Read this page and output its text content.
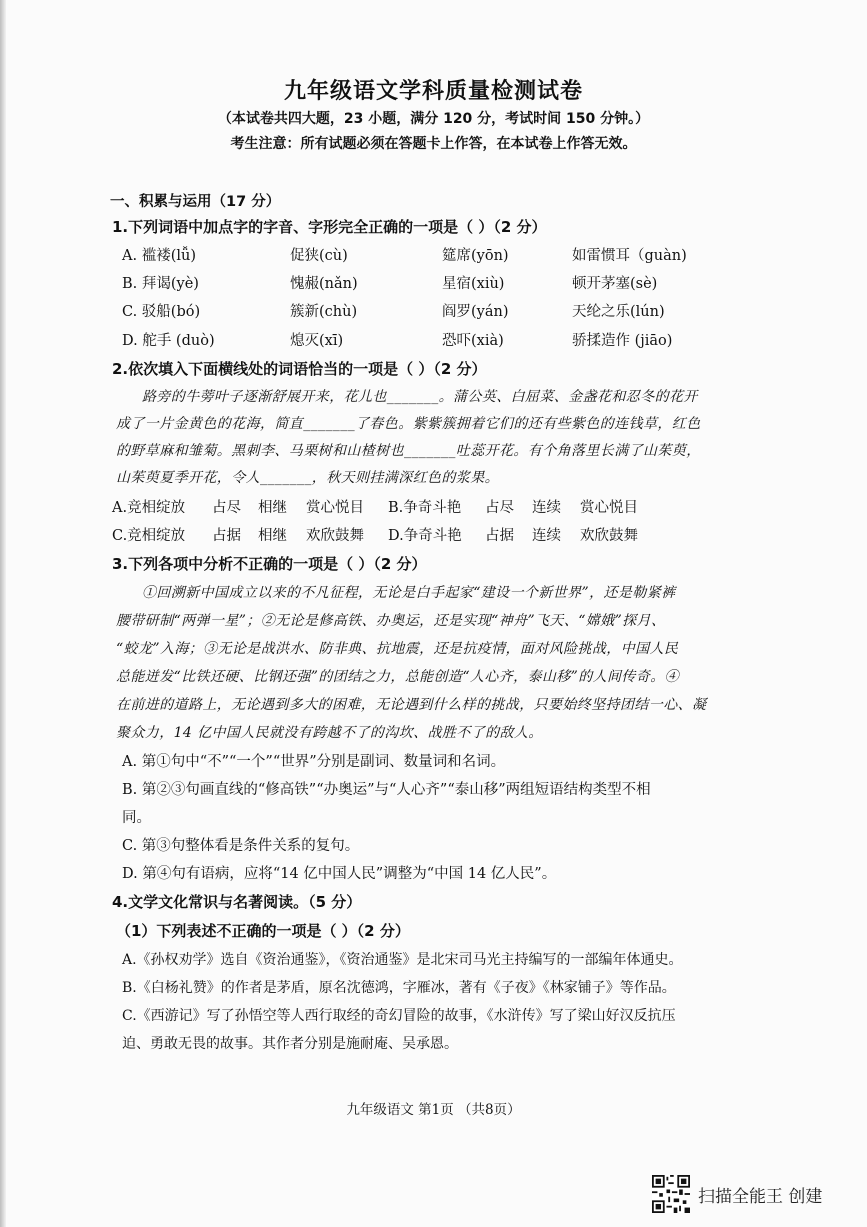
九年级语文学科质量检测试卷
（本试卷共四大题，23 小题，满分 120 分，考试时间 150 分钟。）
考生注意：所有试题必须在答题卡上作答，在本试卷上作答无效。
一、积累与运用（17 分）
1.下列词语中加点字的字音、字形完全正确的一项是（ ）（2 分）
A. 褴褛(lǚ)	促狭(cù)	筵席(yōn)	如雷惯耳（guàn)
B. 拜谒(yè)	愧赧(nǎn)	星宿(xiù)	顿开茅塞(sè)
C. 驳船(bó)	簇新(chù)	阎罗(yán)	天纶之乐(lún)
D. 舵手 (duò)	熄灭(xī)	恐吓(xià)	骄揉造作 (jiāo)
2.依次填入下面横线处的词语恰当的一项是（ ）（2 分）
路旁的牛蒡叶子逐渐舒展开来，花儿也_______。蒲公英、白屈菜、金盏花和忍冬的花开
成了一片金黄色的花海，简直_______了春色。紫紫簇拥着它们的还有些紫色的连钱草，红色
的野草麻和雏菊。黑刺李、马栗树和山楂树也_______吐蕊开花。有个角落里长满了山茱萸，
山茱萸夏季开花，令人_______，秋天则挂满深红色的浆果。
A.竞相绽放 占尽 相继 赏心悦目 B.争奇斗艳 占尽 连续 赏心悦目
C.竞相绽放 占据 相继 欢欣鼓舞 D.争奇斗艳 占据 连续 欢欣鼓舞
3.下列各项中分析不正确的一项是（ ）（2 分）
①回溯新中国成立以来的不凡征程，无论是白手起家“建设一个新世界”，还是勒紧裤
腰带研制“两弹一星”；②无论是修高铁、办奥运，还是实现“神舟”飞天、“嫦娥”探月、
“蛟龙”入海；③无论是战洪水、防非典、抗地震，还是抗疫情，面对风险挑战，中国人民
总能迸发“比铁还硬、比钢还强”的团结之力，总能创造“人心齐，泰山移”的人间传奇。④
在前进的道路上，无论遇到多大的困难，无论遇到什么样的挑战，只要始终坚持团结一心、凝
聚众力，14 亿中国人民就没有跨越不了的沟坎、战胜不了的敌人。
A. 第①句中“不”“一个”“世界”分别是副词、数量词和名词。
B. 第②③句画直线的“修高铁”“办奥运”与“人心齐”“泰山移”两组短语结构类型不相
同。
C. 第③句整体看是条件关系的复句。
D. 第④句有语病，应将“14 亿中国人民”调整为“中国 14 亿人民”。
4.文学文化常识与名著阅读。（5 分）
（1）下列表述不正确的一项是（ ）（2 分）
A.《孙权劝学》选自《资治通鉴》，《资治通鉴》是北宋司马光主持编写的一部编年体通史。
B.《白杨礼赞》的作者是茅盾，原名沈德鸿，字雁冰，著有《子夜》《林家铺子》等作品。
C.《西游记》写了孙悟空等人西行取经的奇幻冒险的故事，《水浒传》写了梁山好汉反抗压
迫、勇敢无畏的故事。其作者分别是施耐庵、吴承恩。
九年级语文 第1页 （共8页）
扫描全能王 创建
